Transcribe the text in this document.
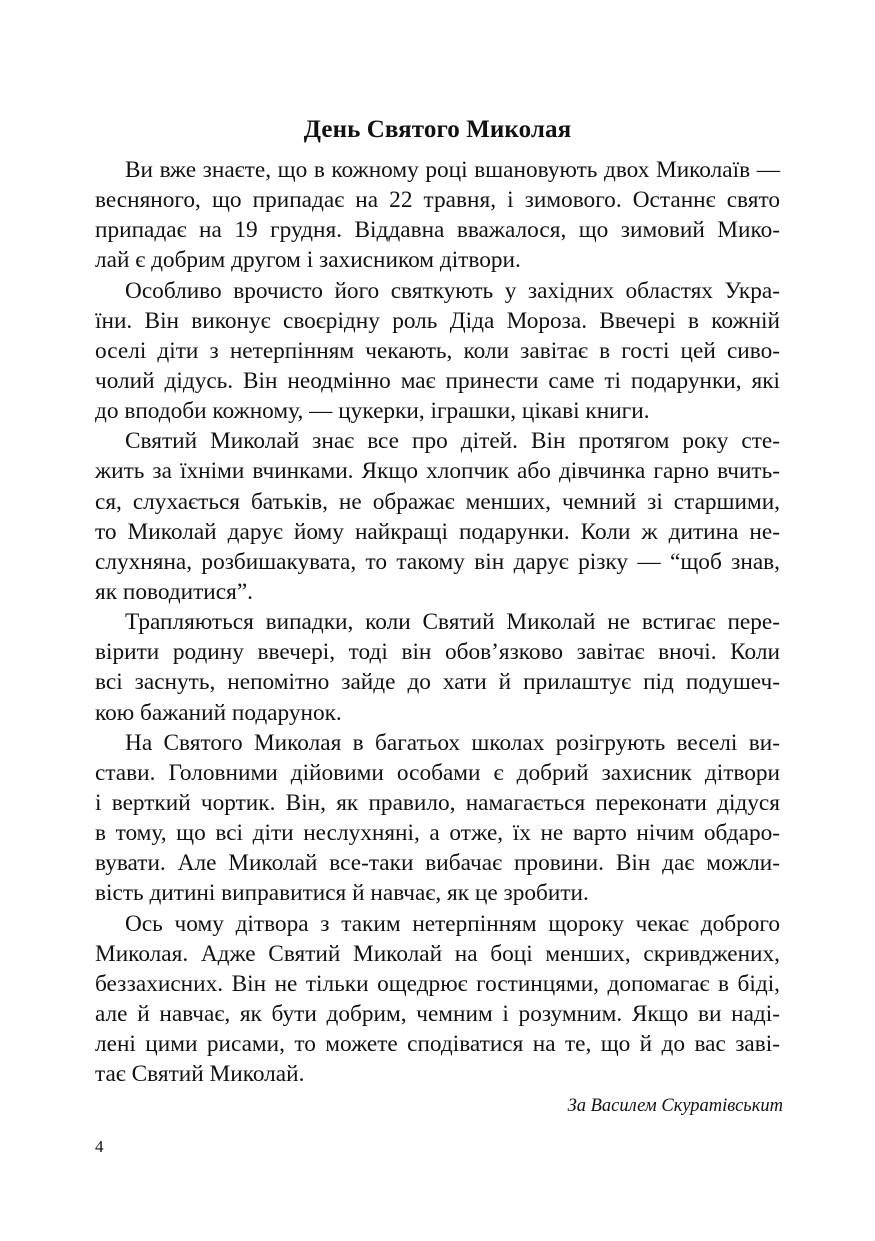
День Святого Миколая
Ви вже знаєте, що в кожному році вшановують двох Миколаїв —
весняного, що припадає на 22 травня, і зимового. Останнє свято
припадає на 19 грудня. Віддавна вважалося, що зимовий Мико-
лай є добрим другом і захисником дітвори.
Особливо врочисто його святкують у західних областях Укра-
їни. Він виконує своєрідну роль Діда Мороза. Ввечері в кожній
оселі діти з нетерпінням чекають, коли завітає в гості цей сиво-
чолий дідусь. Він неодмінно має принести саме ті подарунки, які
до вподоби кожному, — цукерки, іграшки, цікаві книги.
Святий Миколай знає все про дітей. Він протягом року сте-
жить за їхніми вчинками. Якщо хлопчик або дівчинка гарно вчить-
ся, слухається батьків, не ображає менших, чемний зі старшими,
то Миколай дарує йому найкращі подарунки. Коли ж дитина не-
слухняна, розбишакувата, то такому він дарує різку — “щоб знав,
як поводитися”.
Трапляються випадки, коли Святий Миколай не встигає пере-
вірити родину ввечері, тоді він обов’язково завітає вночі. Коли
всі заснуть, непомітно зайде до хати й прилаштує під подушеч-
кою бажаний подарунок.
На Святого Миколая в багатьох школах розігрують веселі ви-
стави. Головними дійовими особами є добрий захисник дітвори
і верткий чортик. Він, як правило, намагається переконати дідуся
в тому, що всі діти неслухняні, а отже, їх не варто нічим обдаро-
вувати. Але Миколай все-таки вибачає провини. Він дає можли-
вість дитині виправитися й навчає, як це зробити.
Ось чому дітвора з таким нетерпінням щороку чекає доброго
Миколая. Адже Святий Миколай на боці менших, скривджених,
беззахисних. Він не тільки ощедрює гостинцями, допомагає в біді,
але й навчає, як бути добрим, чемним і розумним. Якщо ви наді-
лені цими рисами, то можете сподіватися на те, що й до вас заві-
тає Святий Миколай.
За Василем Скуратівськиm
4
